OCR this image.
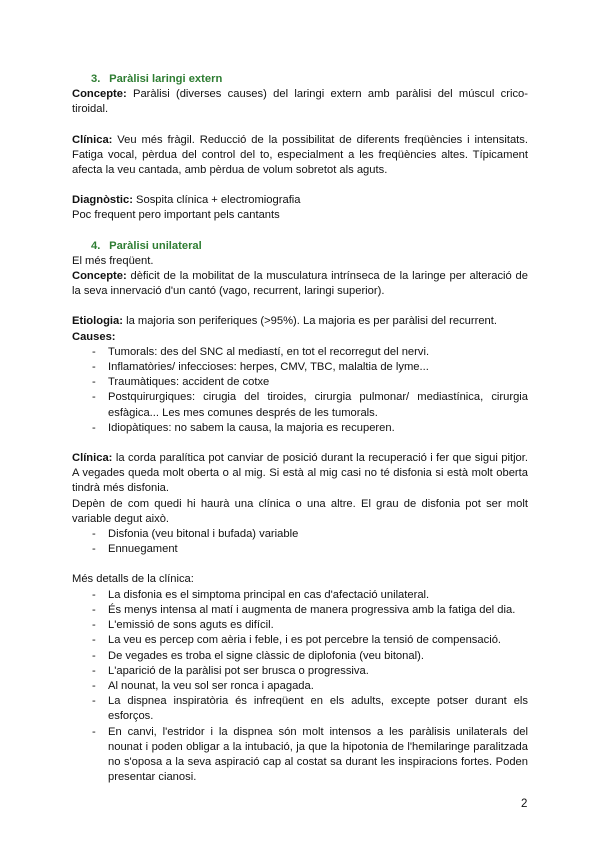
3. Paràlisi laringi extern
Concepte: Paràlisi (diverses causes) del laringi extern amb paràlisi del múscul crico-tiroidal.
Clínica: Veu més fràgil. Reducció de la possibilitat de diferents freqüències i intensitats. Fatiga vocal, pèrdua del control del to, especialment a les freqüències altes. Típicament afecta la veu cantada, amb pèrdua de volum sobretot als aguts.
Diagnòstic: Sospita clínica + electromiografia
Poc frequent pero important pels cantants
4. Paràlisi unilateral
El més freqüent.
Concepte: dèficit de la mobilitat de la musculatura intrínseca de la laringe per alteració de la seva innervació d'un cantó (vago, recurrent, laringi superior).
Etiologia: la majoria son periferiques (>95%). La majoria es per paràlisi del recurrent.
Causes:
- Tumorals: des del SNC al mediastí, en tot el recorregut del nervi.
- Inflamatòries/ infeccioses: herpes, CMV, TBC, malaltia de lyme...
- Traumàtiques: accident de cotxe
- Postquirurgiques: cirugia del tiroides, cirurgia pulmonar/ mediastínica, cirurgia esfàgica... Les mes comunes després de les tumorals.
- Idiopàtiques: no sabem la causa, la majoria es recuperen.
Clínica: la corda paralítica pot canviar de posició durant la recuperació i fer que sigui pitjor. A vegades queda molt oberta o al mig. Si està al mig casi no té disfonia si està molt oberta tindrà més disfonia.
Depèn de com quedi hi haurà una clínica o una altre. El grau de disfonia pot ser molt variable degut això.
- Disfonia (veu bitonal i bufada) variable
- Ennuegament
Més detalls de la clínica:
- La disfonia es el simptoma principal en cas d'afectació unilateral.
- És menys intensa al matí i augmenta de manera progressiva amb la fatiga del dia.
- L'emissió de sons aguts es difícil.
- La veu es percep com aèria i feble, i es pot percebre la tensió de compensació.
- De vegades es troba el signe clàssic de diplofonia (veu bitonal).
- L'aparició de la paràlisi pot ser brusca o progressiva.
- Al nounat, la veu sol ser ronca i apagada.
- La dispnea inspiratòria és infreqüent en els adults, excepte potser durant els esforços.
- En canvi, l'estridor i la dispnea són molt intensos a les paràlisis unilaterals del nounat i poden obligar a la intubació, ja que la hipotonia de l'hemilaringe paralitzada no s'oposa a la seva aspiració cap al costat sa durant les inspiracions fortes. Poden presentar cianosi.
2
